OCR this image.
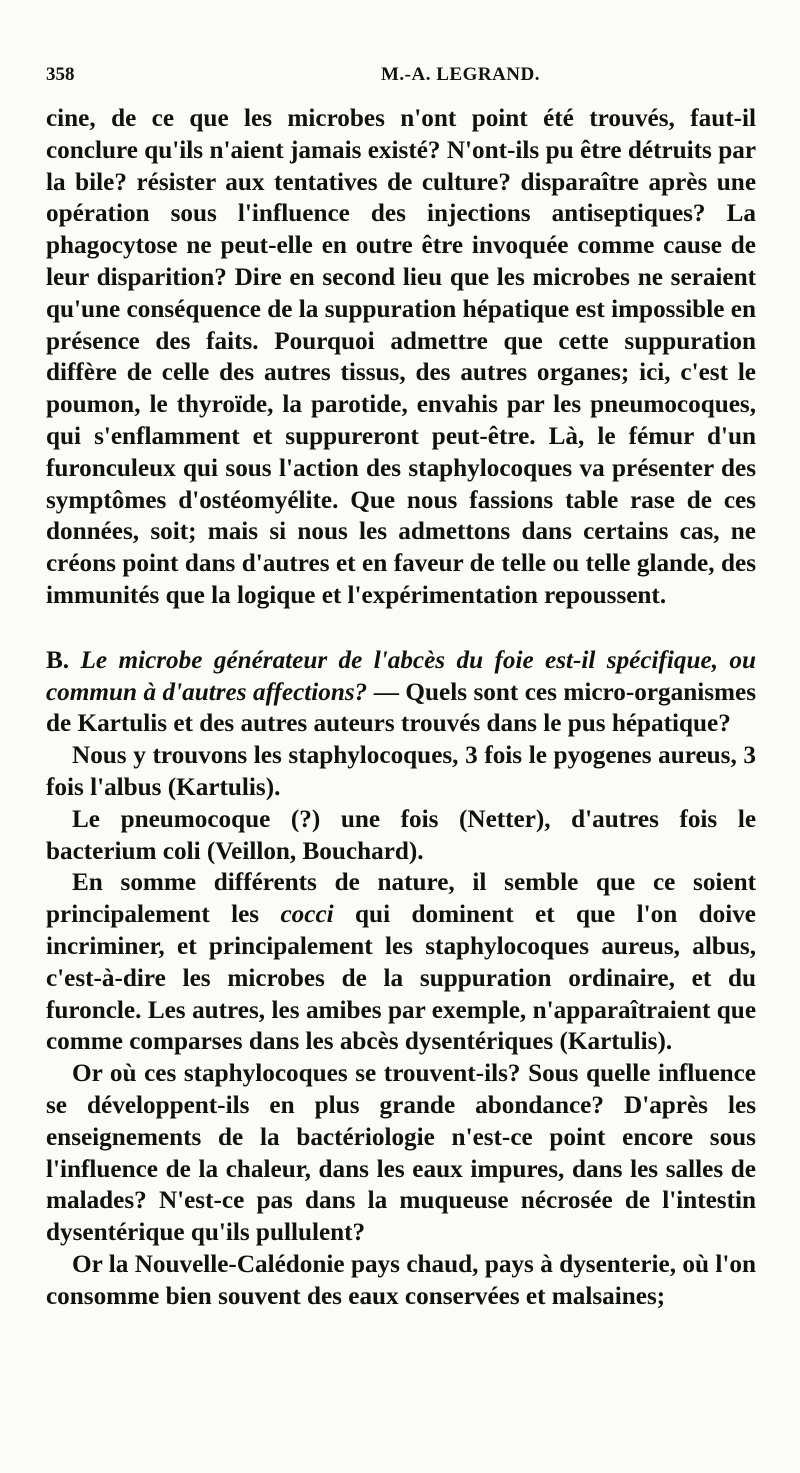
358	M.-A. LEGRAND.

cine, de ce que les microbes n'ont point été trouvés, faut-il conclure qu'ils n'aient jamais existé? N'ont-ils pu être détruits par la bile? résister aux tentatives de culture? disparaître après une opération sous l'influence des injections antiseptiques? La phagocytose ne peut-elle en outre être invoquée comme cause de leur disparition? Dire en second lieu que les microbes ne seraient qu'une conséquence de la suppuration hépatique est impossible en présence des faits. Pourquoi admettre que cette suppuration diffère de celle des autres tissus, des autres organes; ici, c'est le poumon, le thyroïde, la parotide, envahis par les pneumocoques, qui s'enflamment et suppureront peut-être. Là, le fémur d'un furonculeux qui sous l'action des staphylocoques va présenter des symptômes d'ostéomyélite. Que nous fassions table rase de ces données, soit; mais si nous les admettons dans certains cas, ne créons point dans d'autres et en faveur de telle ou telle glande, des immunités que la logique et l'expérimentation repoussent.

B. Le microbe générateur de l'abcès du foie est-il spécifique, ou commun à d'autres affections? — Quels sont ces micro-organismes de Kartulis et des autres auteurs trouvés dans le pus hépatique?

Nous y trouvons les staphylocoques, 3 fois le pyogenes aureus, 3 fois l'albus (Kartulis).

Le pneumocoque (?) une fois (Netter), d'autres fois le bacterium coli (Veillon, Bouchard).

En somme différents de nature, il semble que ce soient principalement les cocci qui dominent et que l'on doive incriminer, et principalement les staphylocoques aureus, albus, c'est-à-dire les microbes de la suppuration ordinaire, et du furoncle. Les autres, les amibes par exemple, n'apparaîtraient que comme comparses dans les abcès dysentériques (Kartulis).

Or où ces staphylocoques se trouvent-ils? Sous quelle influence se développent-ils en plus grande abondance? D'après les enseignements de la bactériologie n'est-ce point encore sous l'influence de la chaleur, dans les eaux impures, dans les salles de malades? N'est-ce pas dans la muqueuse nécrosée de l'intestin dysentérique qu'ils pullulent?

Or la Nouvelle-Calédonie pays chaud, pays à dysenterie, où l'on consomme bien souvent des eaux conservées et malsaines;
